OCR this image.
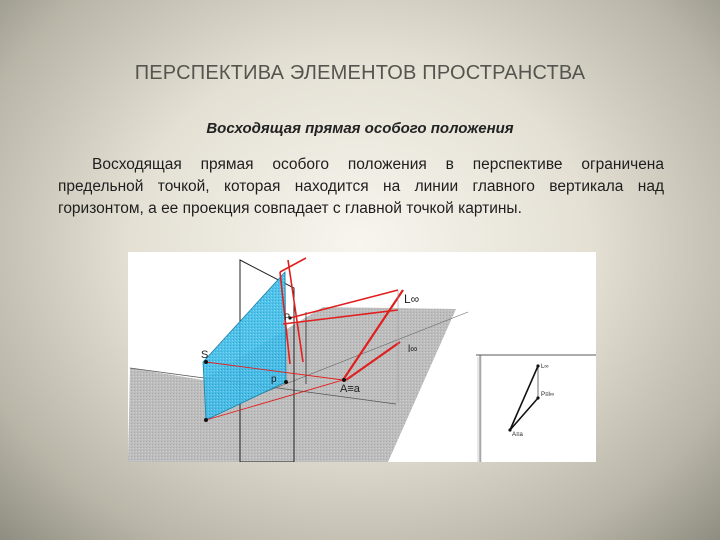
ПЕРСПЕКТИВА ЭЛЕМЕНТОВ ПРОСТРАНСТВА
Восходящая прямая особого положения

Восходящая прямая особого положения в перспективе ограничена предельной точкой, которая находится на линии главного вертикала над горизонтом, а ее проекция совпадает с главной точкой картины.

L∞
l∞
S
P
p
A≡a
L∞
P≡l∞
A≡a
